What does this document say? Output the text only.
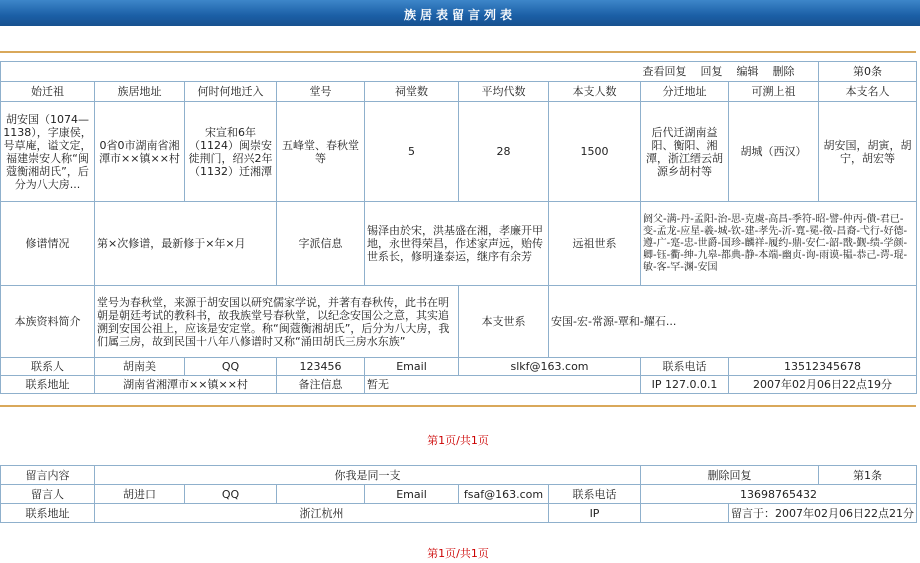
族居表留言列表
							查看回复 回复 编辑 删除		第0条
始迁祖	族居地址	何时何地迁入	堂号	祠堂数	平均代数	本支人数	分迁地址	可溯上祖	本支名人
胡安国（1074—1138），字康侯，号草庵，谥文定，福建崇安人称“闽蔻衡湘胡氏”，后分为八大房...	0省0市湖南省湘潭市××镇××村	宋宣和6年（1124）闽崇安徙荆门，绍兴2年（1132）迁湘潭	五峰堂、春秋堂等	5	28	1500	后代迁湖南益阳、衡阳、湘潭，浙江缙云胡源乡胡村等	胡城（西汉）	胡安国，胡寅，胡宁，胡宏等
修谱情况	第×次修谱，最新修于×年×月		字派信息	锡泽由於宋，洪基盛在湘，孝廉开甲地，永世得荣昌，作述家声远，贻传世系长，修明逢泰运，继序有余芳		远祖世系	阏父-满-丹-孟阳-治-思-克虞-高昌-季符-昭-譬-仲丙-僓-君已-变-孟龙-应星-羲-城-钦-建-孝先-沂-寬-冕-徵-昌裔-弋行-好德-遵-广-寔-忠-世爵-国珍-麟祥-履约-鼎-安仁-韶-戬-觐-绩-学颜-卿-钰-衢-绅-九皋-都典-静-本端-幽贞-询-雨谟-韫-恭己-谔-琨-敏-客-罕-渊-安国		
本族资料简介	堂号为春秋堂，来源于胡安国以研究儒家学说，并著有春秋传，此书在明朝是朝廷考试的教科书，故我族堂号春秋堂，以纪念安国公之意，其实追溯到安国公祖上，应该是安定堂。称“闽蔻衡湘胡氏”，后分为八大房，我们属三房，故到民国十八年八修谱时又称“涌田胡氏三房水东族”				本支世系	安国-宏-常源-覃和-耀石...			
联系人	胡南美	QQ	123456	Email	slkf@163.com		联系电话	13512345678	
联系地址	湖南省湘潭市××镇××村		备注信息	暂无			IP 127.0.0.1	2007年02月06日22点19分	
第1页/共1页
留言内容	你我是同一支						删除回复		第1条
留言人	胡进口	QQ		Email	fsaf@163.com	联系电话	13698765432		
联系地址	浙江杭州					IP		留言于：2007年02月06日22点21分	
第1页/共1页
